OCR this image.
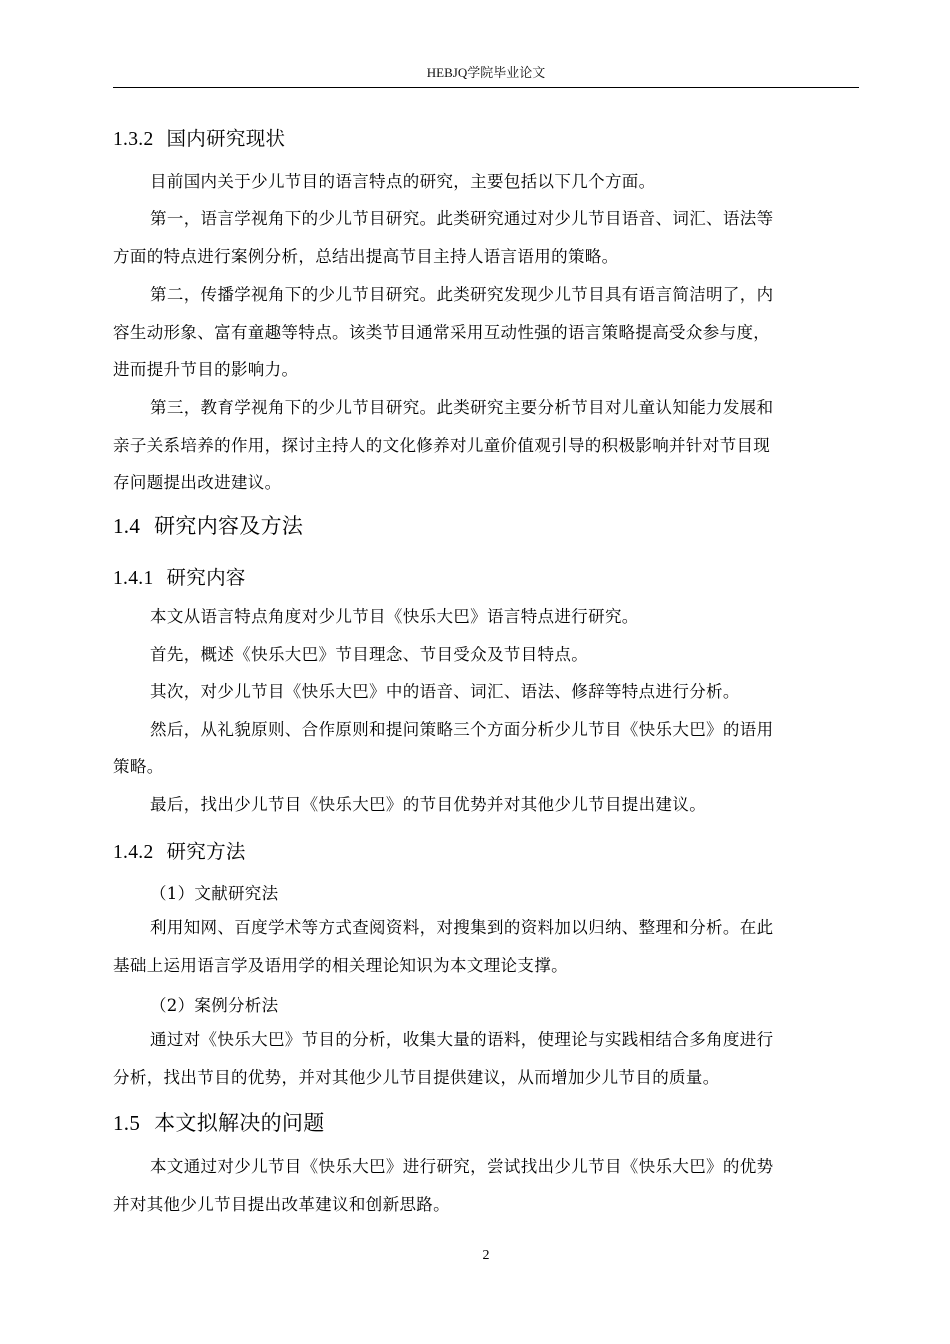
HEBJQ学院毕业论文
1.3.2 国内研究现状
目前国内关于少儿节目的语言特点的研究，主要包括以下几个方面。
第一，语言学视角下的少儿节目研究。此类研究通过对少儿节目语音、词汇、语法等
方面的特点进行案例分析，总结出提高节目主持人语言语用的策略。
第二，传播学视角下的少儿节目研究。此类研究发现少儿节目具有语言简洁明了，内
容生动形象、富有童趣等特点。该类节目通常采用互动性强的语言策略提高受众参与度，
进而提升节目的影响力。
第三，教育学视角下的少儿节目研究。此类研究主要分析节目对儿童认知能力发展和
亲子关系培养的作用，探讨主持人的文化修养对儿童价值观引导的积极影响并针对节目现
存问题提出改进建议。
1.4 研究内容及方法
1.4.1 研究内容
本文从语言特点角度对少儿节目《快乐大巴》语言特点进行研究。
首先，概述《快乐大巴》节目理念、节目受众及节目特点。
其次，对少儿节目《快乐大巴》中的语音、词汇、语法、修辞等特点进行分析。
然后，从礼貌原则、合作原则和提问策略三个方面分析少儿节目《快乐大巴》的语用
策略。
最后，找出少儿节目《快乐大巴》的节目优势并对其他少儿节目提出建议。
1.4.2 研究方法
（1）文献研究法
利用知网、百度学术等方式查阅资料，对搜集到的资料加以归纳、整理和分析。在此
基础上运用语言学及语用学的相关理论知识为本文理论支撑。
（2）案例分析法
通过对《快乐大巴》节目的分析，收集大量的语料，使理论与实践相结合多角度进行
分析，找出节目的优势，并对其他少儿节目提供建议，从而增加少儿节目的质量。
1.5 本文拟解决的问题
本文通过对少儿节目《快乐大巴》进行研究，尝试找出少儿节目《快乐大巴》的优势
并对其他少儿节目提出改革建议和创新思路。
2
